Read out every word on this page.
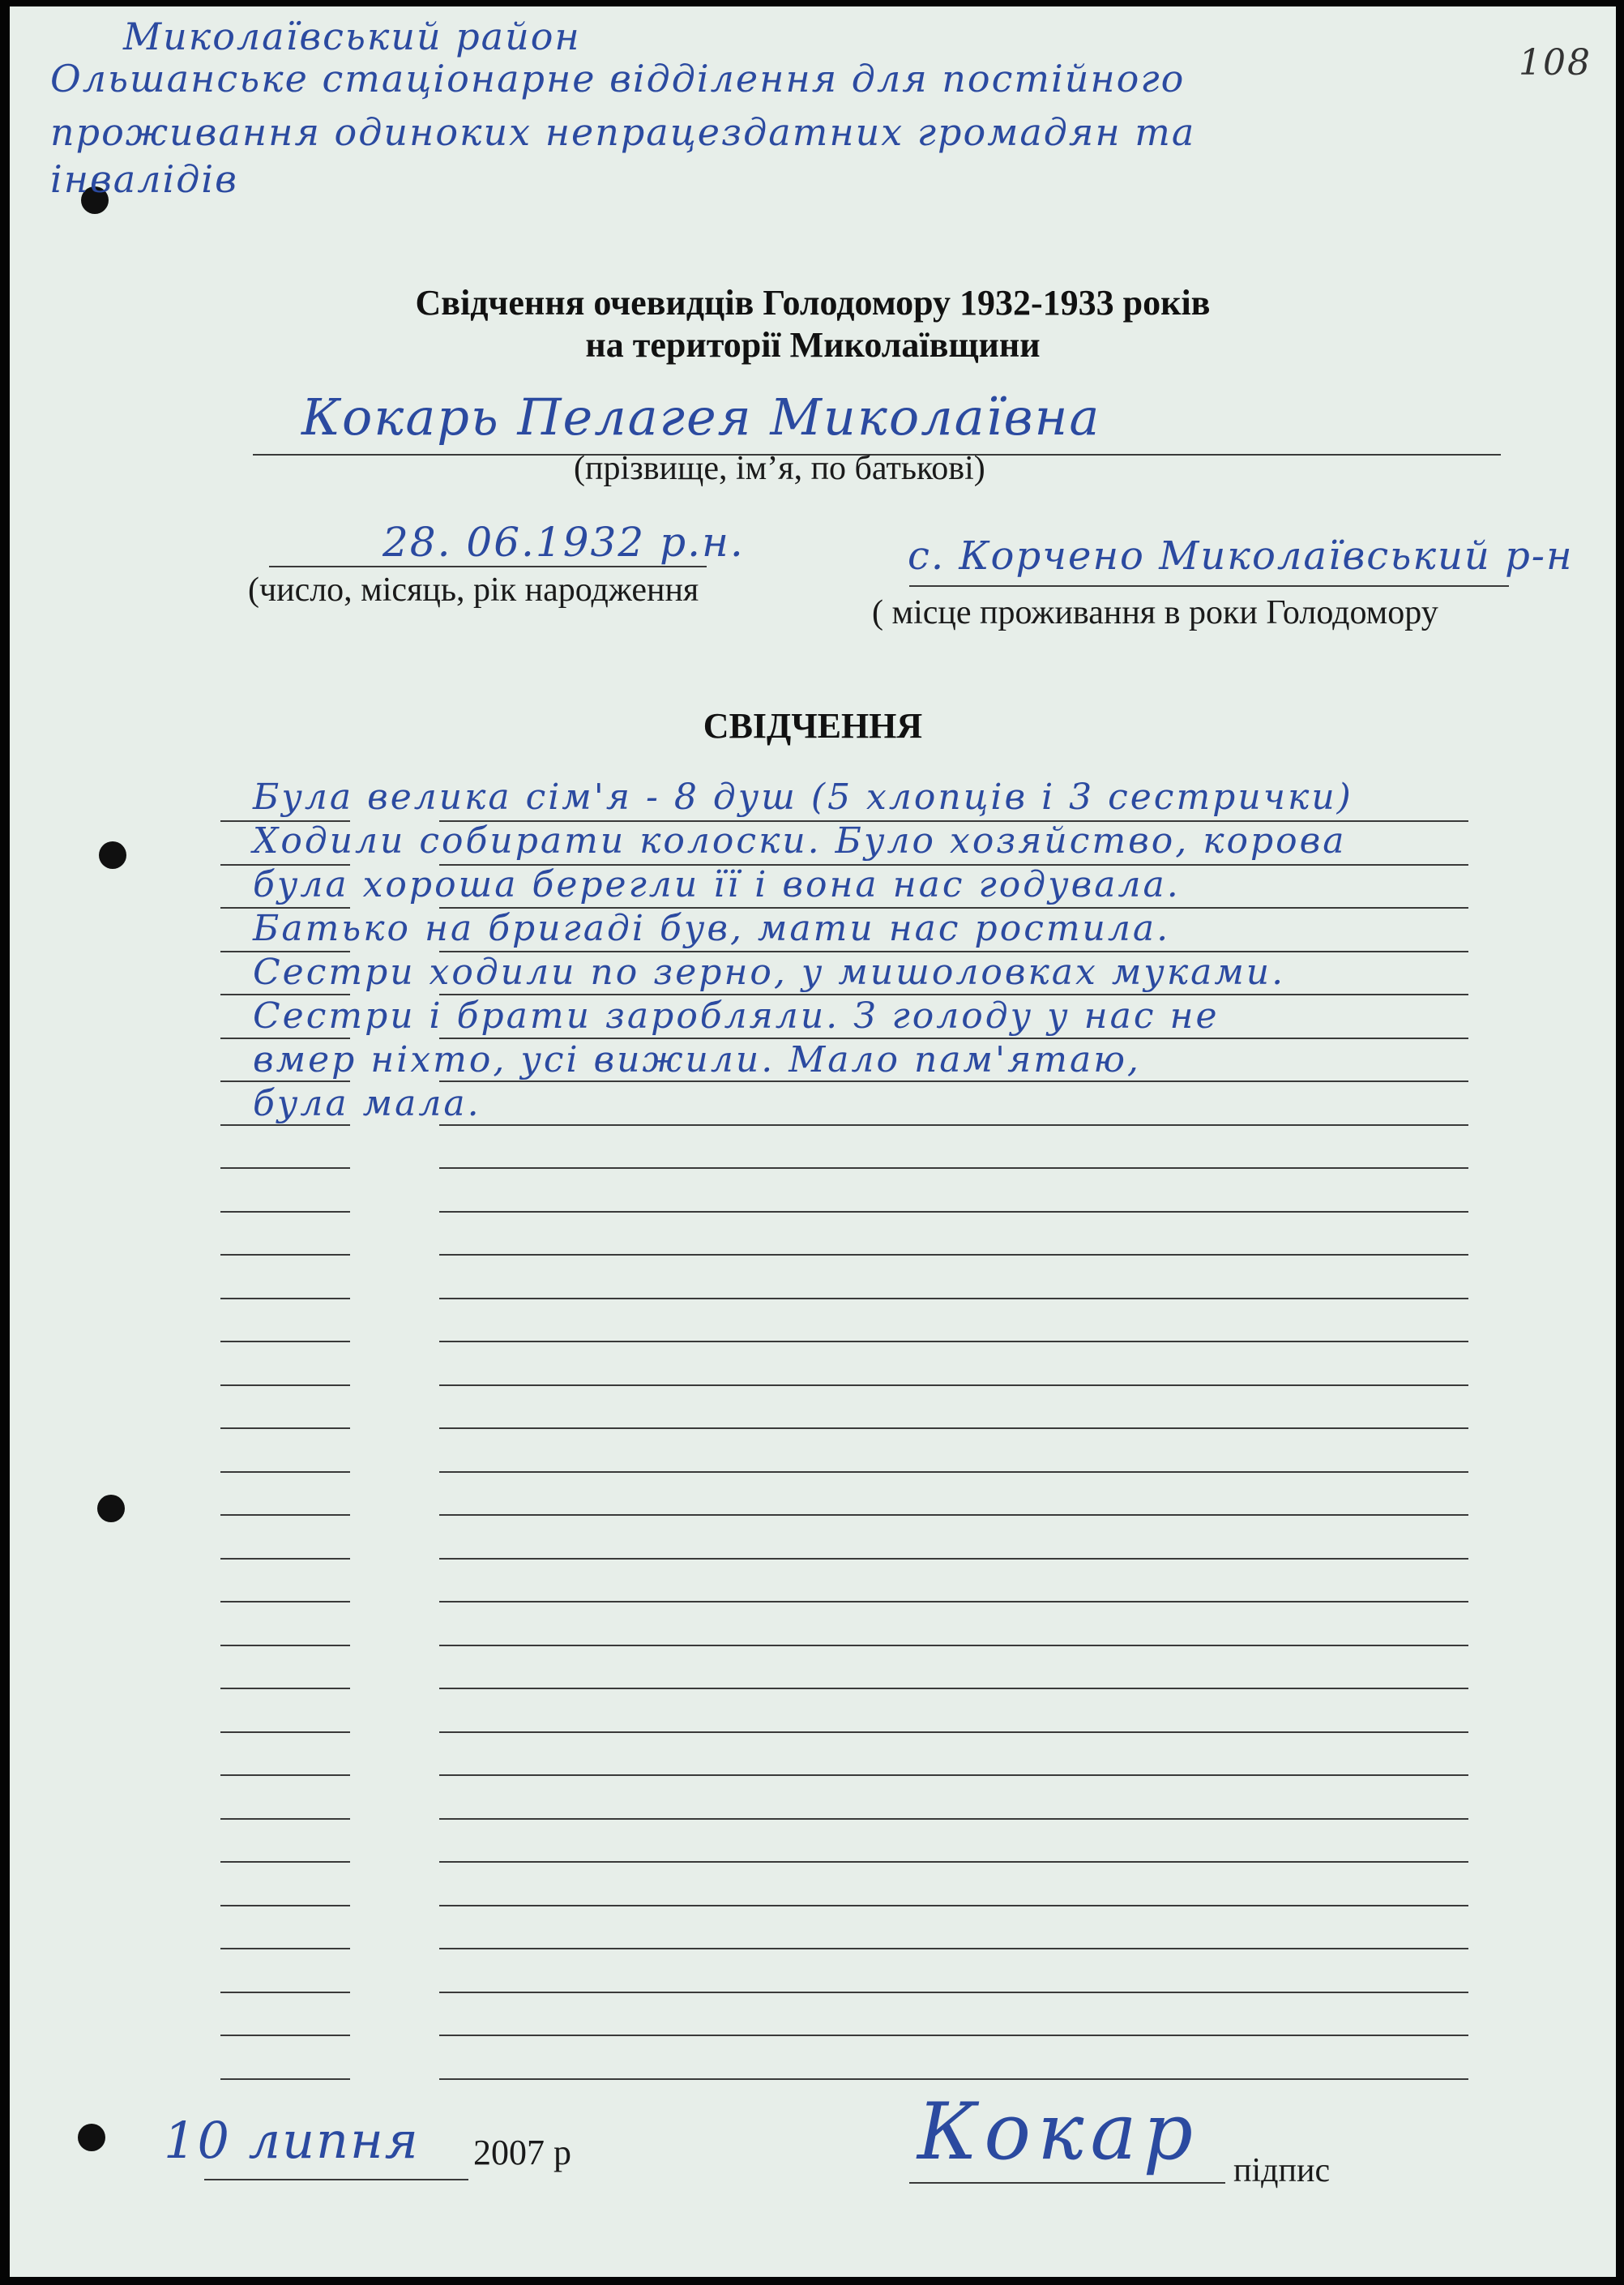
Миколаївський район

Ольшанське стаціонарне відділення для постійного

проживання одиноких непрацездатних громадян та

інвалідів

108

Свідчення очевидців Голодомору 1932-1933 років
на території Миколаївщини

Кокарь Пелагея Миколаївна

(прізвище, ім’я, по батькові)

28. 06.1932 р.н.

(число, місяць, рік народження

с. Корчено Миколаївський р-н

( місце проживання в роки Голодомору

СВІДЧЕННЯ
Була велика сім'я - 8 душ (5 хлопців і 3 сестрички)
Ходили собирати колоски. Було хозяйство, корова
була хороша берегли її і вона нас годувала.
Батько на бригаді був, мати нас ростила.
Сестри ходили по зерно, у мишоловках муками.
Сестри і брати заробляли. З голоду у нас не
вмер ніхто, усі вижили. Мало пам'ятаю,
була мала.

10 липня 2007 р	Кокар підпис
